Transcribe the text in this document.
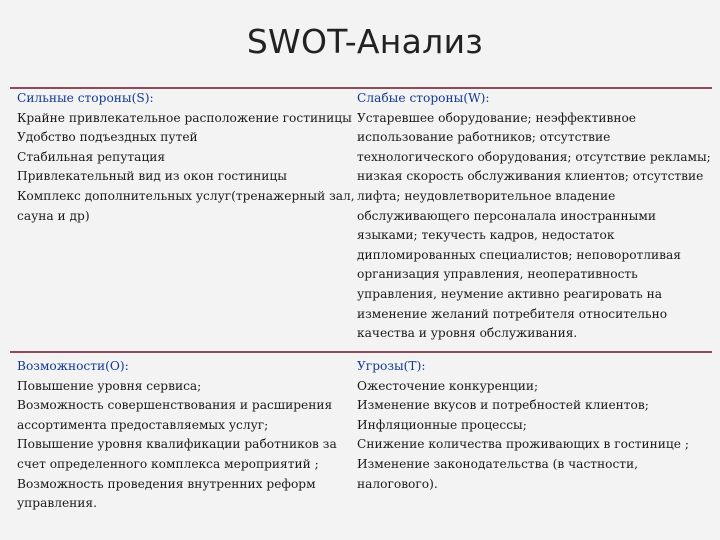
SWOT-Анализ
Сильные стороны(S):
Крайне привлекательное расположение гостиницы
Удобство подъездных путей
Стабильная репутация
Привлекательный вид из окон гостиницы
Комплекс дополнительных услуг(тренажерный зал,
сауна и др)
Слабые стороны(W):
Устаревшее оборудование; неэффективное
использование работников; отсутствие
технологического оборудования; отсутствие рекламы;
низкая скорость обслуживания клиентов; отсутствие
лифта; неудовлетворительное владение
обслуживающего персоналала иностранными
языками; текучесть кадров, недостаток
дипломированных специалистов; неповоротливая
организация управления, неоперативность
управления, неумение активно реагировать на
изменение желаний потребителя относительно
качества и уровня обслуживания.
Возможности(O):
Повышение уровня сервиса;
Возможность совершенствования и расширения
ассортимента предоставляемых услуг;
Повышение уровня квалификации работников за
счет определенного комплекса мероприятий ;
Возможность проведения внутренних реформ
управления.
Угрозы(T):
Ожесточение конкуренции;
Изменение вкусов и потребностей клиентов;
Инфляционные процессы;
Снижение количества проживающих в гостинице ;
Изменение законодательства (в частности,
налогового).
